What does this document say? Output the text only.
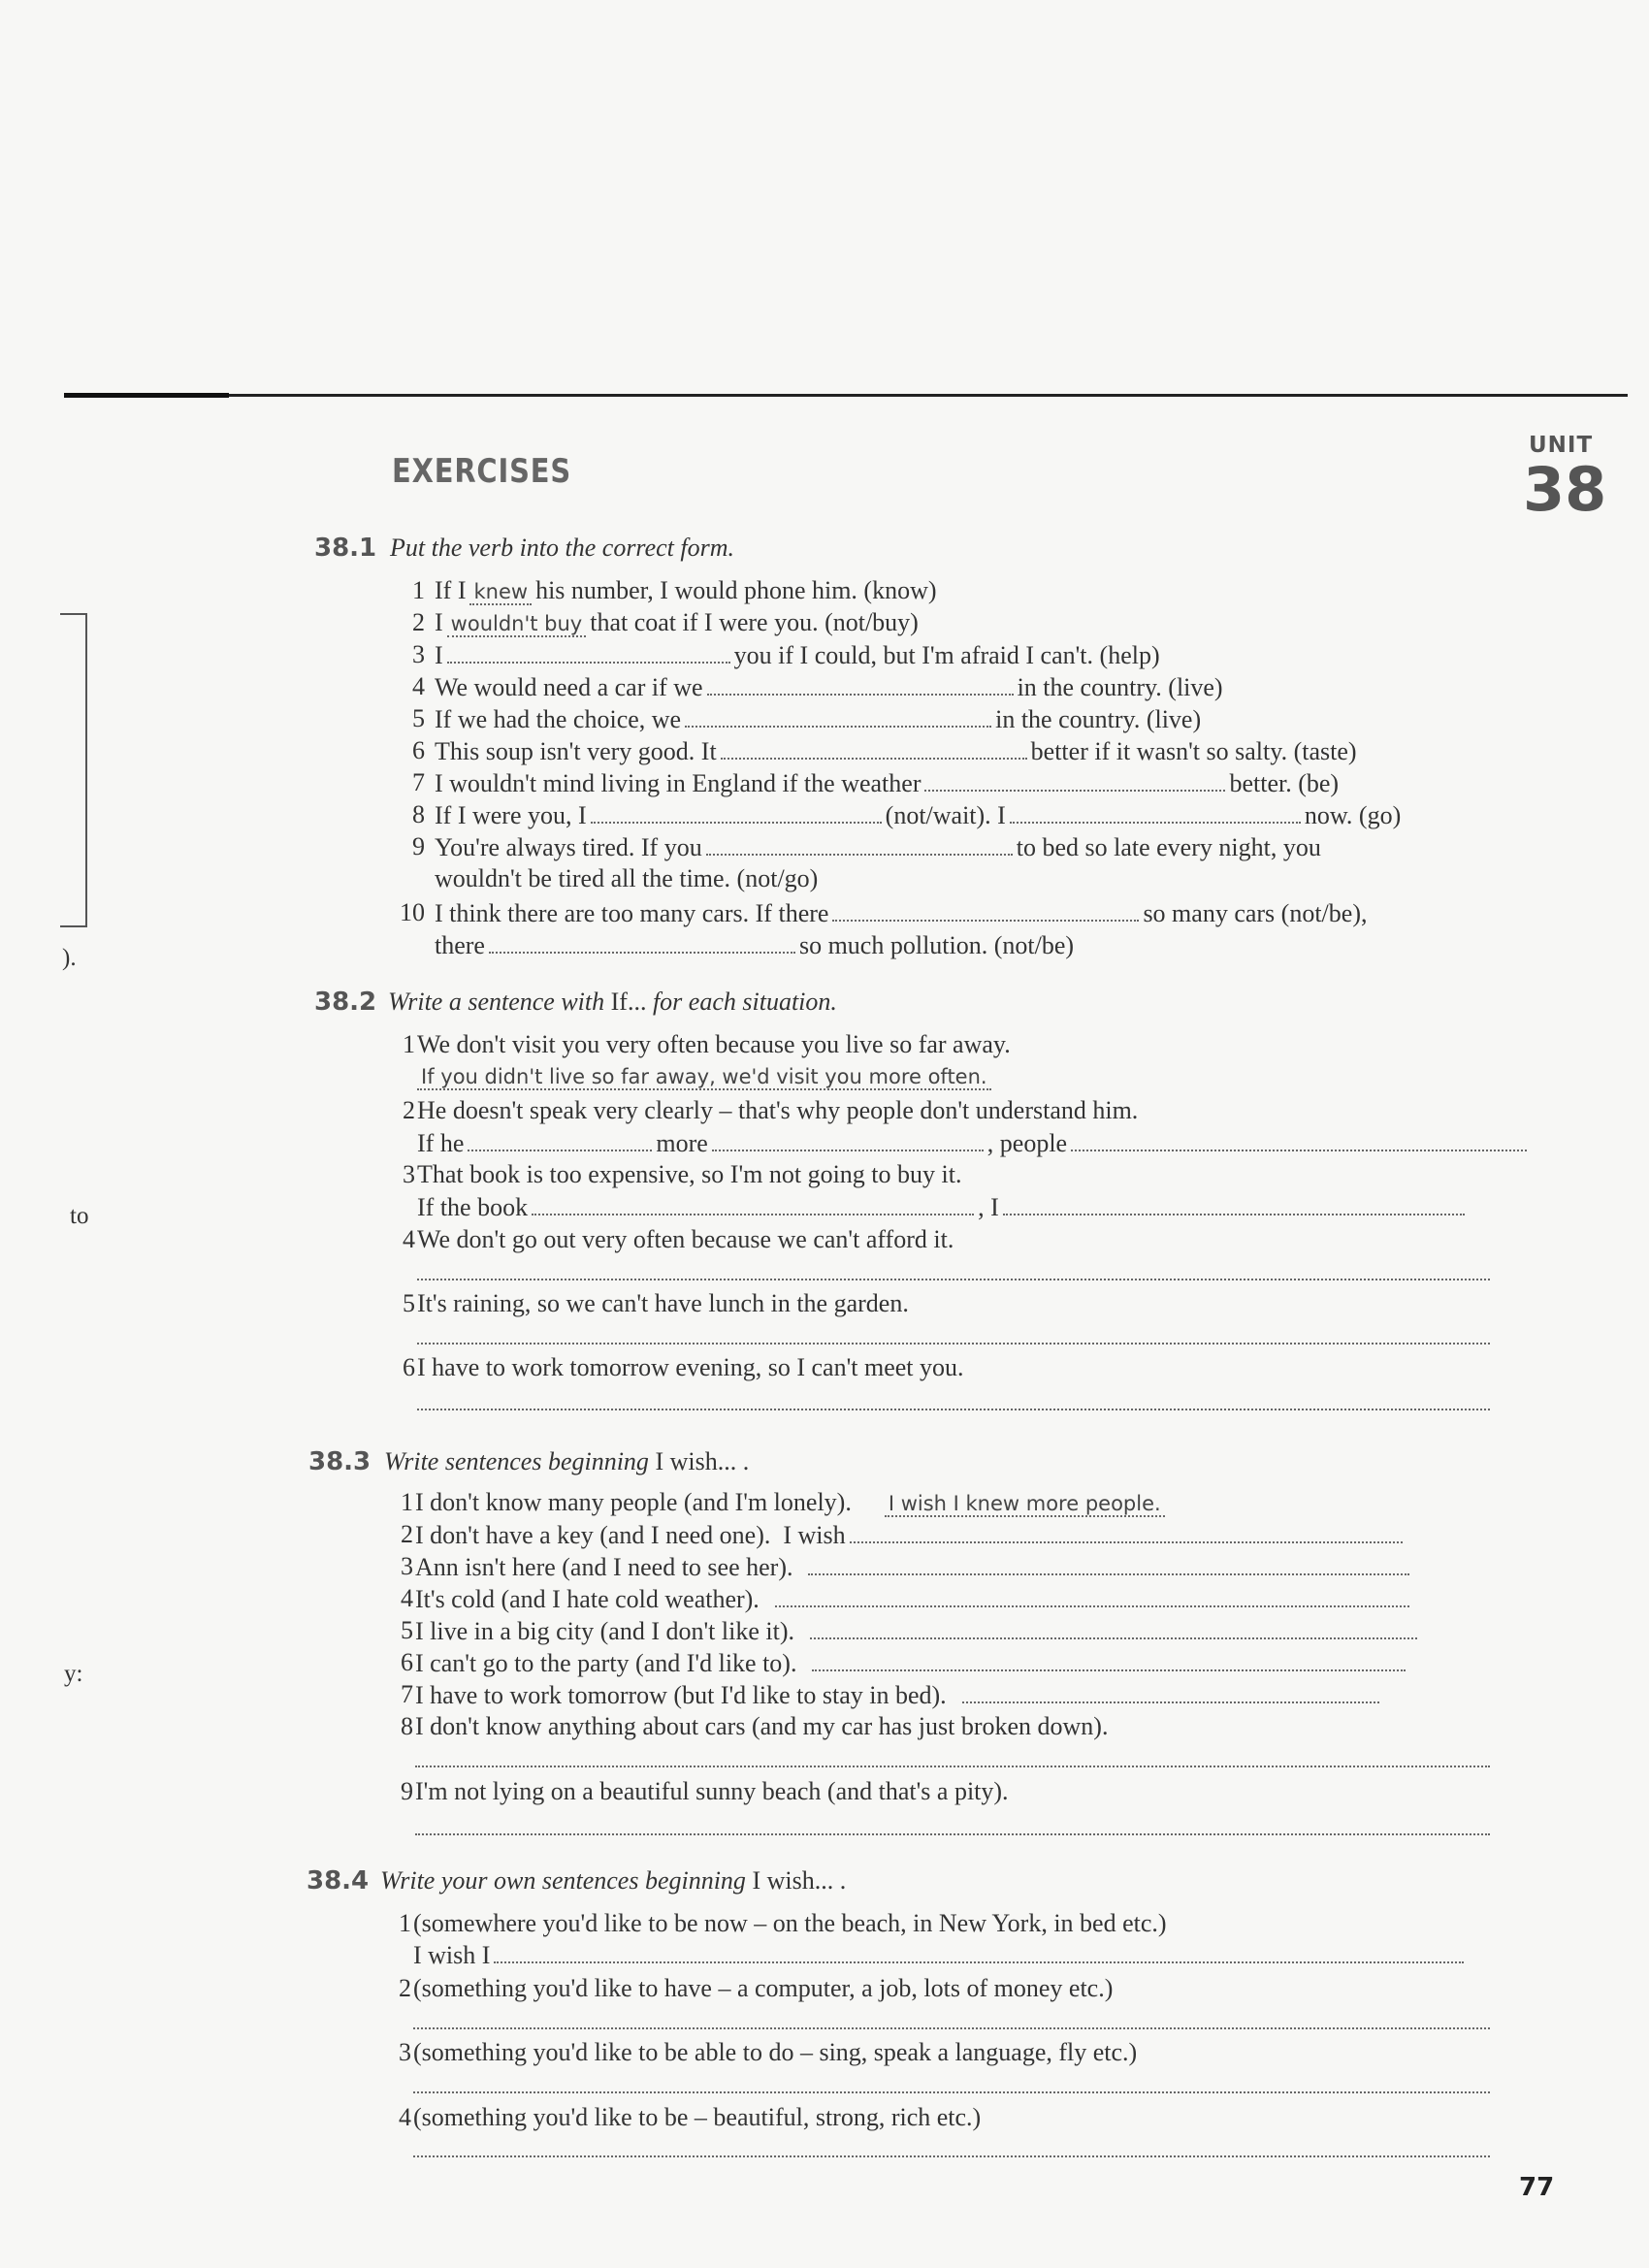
).
to
y:
UNIT
38
EXERCISES
77
38.1 Put the verb into the correct form.
1 If I knew his number, I would phone him. (know)
2 I wouldn't buy that coat if I were you. (not/buy)
3 I	you if I could, but I'm afraid I can't. (help)
4 We would need a car if we	in the country. (live)
5 If we had the choice, we	in the country. (live)
6 This soup isn't very good. It	better if it wasn't so salty. (taste)
7 I wouldn't mind living in England if the weather	better. (be)
8 If I were you, I	(not/wait). I	now. (go)
9 You're always tired. If you	to bed so late every night, you
wouldn't be tired all the time. (not/go)
10 I think there are too many cars. If there	so many cars (not/be),
there	so much pollution. (not/be)
38.2 Write a sentence with If... for each situation.
1 We don't visit you very often because you live so far away.
If you didn't live so far away, we'd visit you more often.
2 He doesn't speak very clearly – that's why people don't understand him.
If he	more	, people
3 That book is too expensive, so I'm not going to buy it.
If the book	, I
4 We don't go out very often because we can't afford it.
5 It's raining, so we can't have lunch in the garden.
6 I have to work tomorrow evening, so I can't meet you.
38.3 Write sentences beginning I wish... .
1 I don't know many people (and I'm lonely). I wish I knew more people.
2 I don't have a key (and I need one). I wish
3 Ann isn't here (and I need to see her).
4 It's cold (and I hate cold weather).
5 I live in a big city (and I don't like it).
6 I can't go to the party (and I'd like to).
7 I have to work tomorrow (but I'd like to stay in bed).
8 I don't know anything about cars (and my car has just broken down).
9 I'm not lying on a beautiful sunny beach (and that's a pity).
38.4 Write your own sentences beginning I wish... .
1 (somewhere you'd like to be now – on the beach, in New York, in bed etc.)
I wish I
2 (something you'd like to have – a computer, a job, lots of money etc.)
3 (something you'd like to be able to do – sing, speak a language, fly etc.)
4 (something you'd like to be – beautiful, strong, rich etc.)
